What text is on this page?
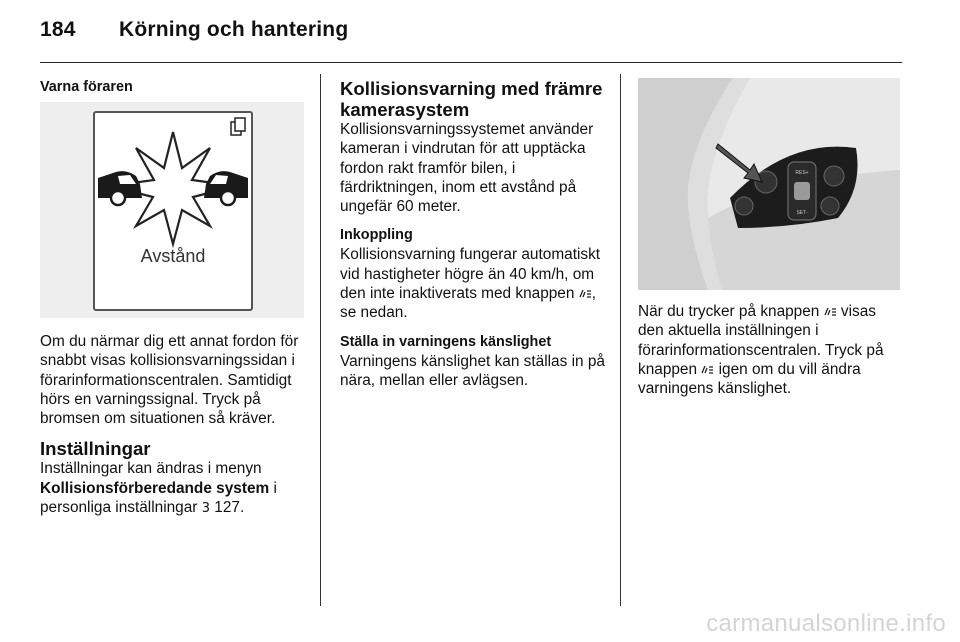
184 Körning och hantering

Varna föraren

Avstånd

Om du närmar dig ett annat fordon för snabbt visas kollisionsvarningssidan i förarinformationscentralen. Samtidigt hörs en varningssignal. Tryck på bromsen om situationen så kräver.

Inställningar

Inställningar kan ändras i menyn Kollisionsförberedande system i personliga inställningar 3 127.

Kollisionsvarning med främre kamerasystem

Kollisionsvarningssystemet använder kameran i vindrutan för att upptäcka fordon rakt framför bilen, i färdriktningen, inom ett avstånd på ungefär 60 meter.

Inkoppling

Kollisionsvarning fungerar automatiskt vid hastigheter högre än 40 km/h, om den inte inaktiverats med knappen , se nedan.

Ställa in varningens känslighet

Varningens känslighet kan ställas in på nära, mellan eller avlägsen.

RES+
SET-

När du trycker på knappen  visas den aktuella inställningen i förarinformationscentralen. Tryck på knappen  igen om du vill ändra varningens känslighet.

carmanualsonline.info
